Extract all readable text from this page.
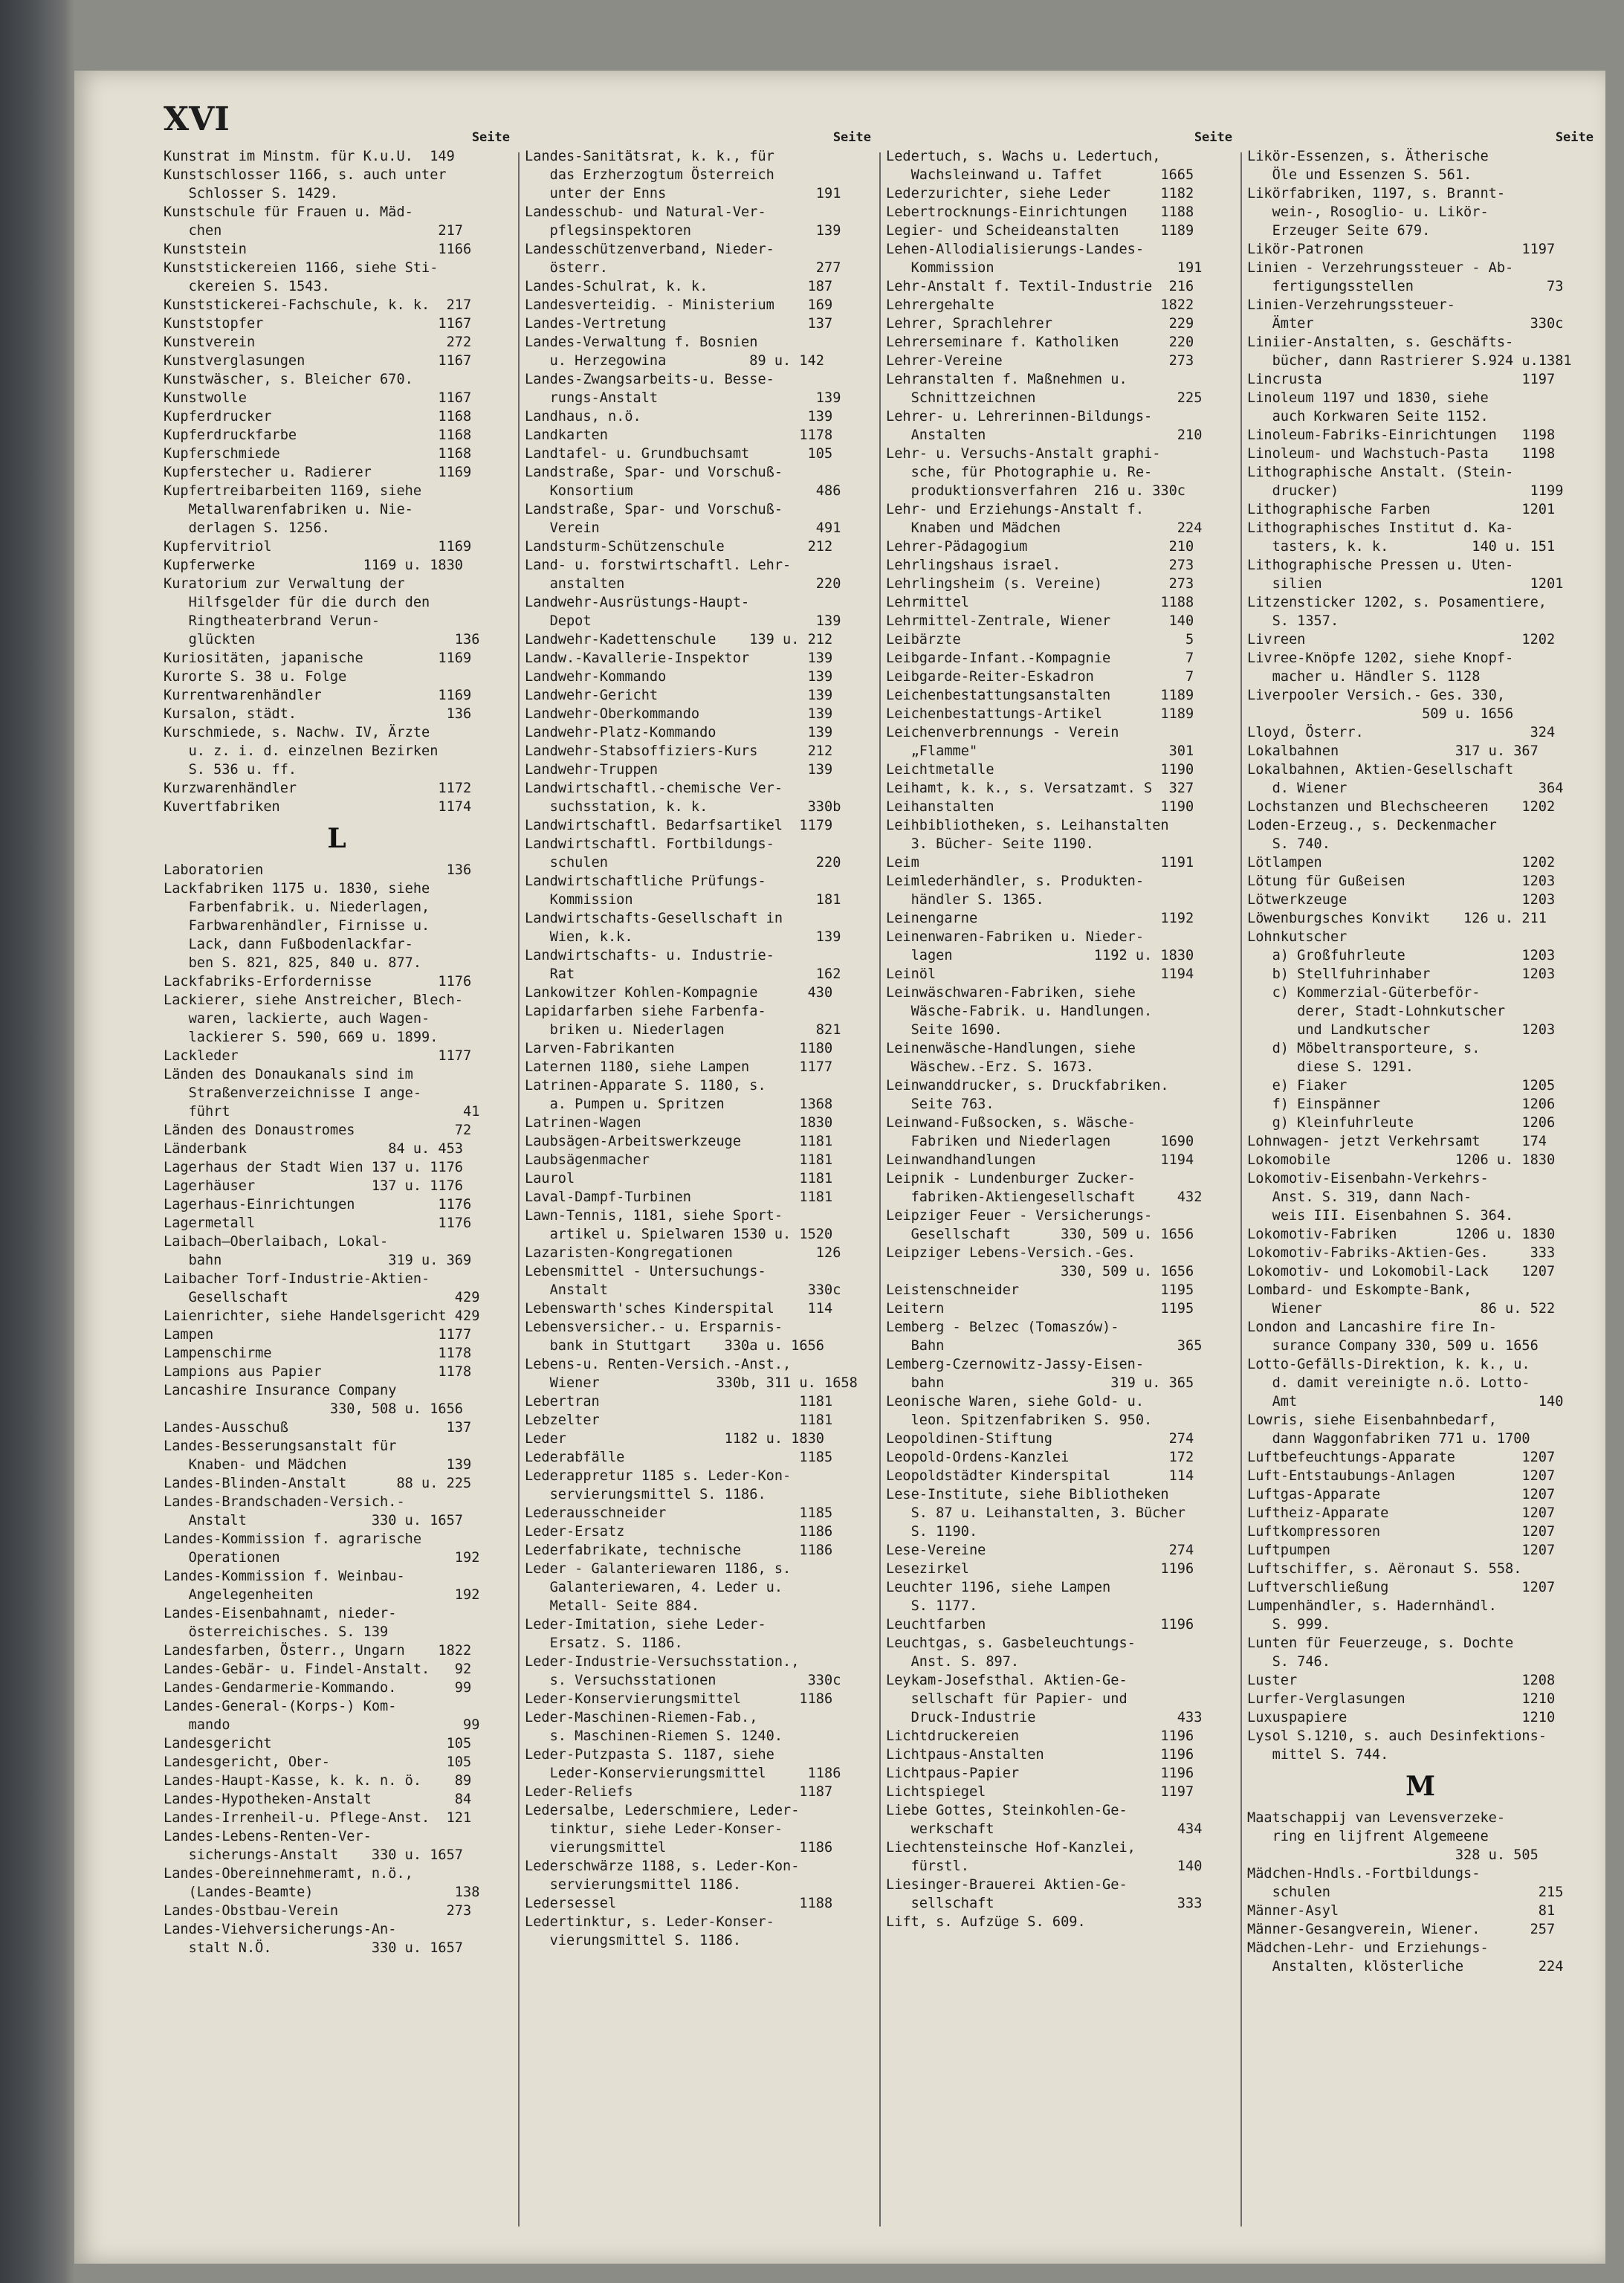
XVI	Seite
Kunstrat im Minstm. für K.u.U.  149
Kunstschlosser 1166, s. auch unter
Schlosser S. 1429.
Kunstschule für Frauen u. Mäd-
chen                          217
Kunststein                       1166
Kunststickereien 1166, siehe Sti-
ckereien S. 1543.
Kunststickerei-Fachschule, k. k.  217
Kunststopfer                     1167
Kunstverein                       272
Kunstverglasungen                1167
Kunstwäscher, s. Bleicher 670.
Kunstwolle                       1167
Kupferdrucker                    1168
Kupferdruckfarbe                 1168
Kupferschmiede                   1168
Kupferstecher u. Radierer        1169
Kupfertreibarbeiten 1169, siehe
Metallwarenfabriken u. Nie-
derlagen S. 1256.
Kupfervitriol                    1169
Kupferwerke             1169 u. 1830
Kuratorium zur Verwaltung der
Hilfsgelder für die durch den
Ringtheaterbrand Verun-
glückten                        136
Kuriositäten, japanische         1169
Kurorte S. 38 u. Folge
Kurrentwarenhändler              1169
Kursalon, städt.                  136
Kurschmiede, s. Nachw. IV, Ärzte
u. z. i. d. einzelnen Bezirken
S. 536 u. ff.
Kurzwarenhändler                 1172
Kuvertfabriken                   1174
L
Laboratorien                      136
Lackfabriken 1175 u. 1830, siehe
Farbenfabrik. u. Niederlagen,
Farbwarenhändler, Firnisse u.
Lack, dann Fußbodenlackfar-
ben S. 821, 825, 840 u. 877.
Lackfabriks-Erfordernisse        1176
Lackierer, siehe Anstreicher, Blech-
waren, lackierte, auch Wagen-
lackierer S. 590, 669 u. 1899.
Lackleder                        1177
Länden des Donaukanals sind im
Straßenverzeichnisse I ange-
führt                            41
Länden des Donaustromes            72
Länderbank                 84 u. 453
Lagerhaus der Stadt Wien 137 u. 1176
Lagerhäuser              137 u. 1176
Lagerhaus-Einrichtungen          1176
Lagermetall                      1176
Laibach–Oberlaibach, Lokal-
bahn                    319 u. 369
Laibacher Torf-Industrie-Aktien-
Gesellschaft                    429
Laienrichter, siehe Handelsgericht 429
Lampen                           1177
Lampenschirme                    1178
Lampions aus Papier              1178
Lancashire Insurance Company
330, 508 u. 1656
Landes-Ausschuß                   137
Landes-Besserungsanstalt für
Knaben- und Mädchen            139
Landes-Blinden-Anstalt      88 u. 225
Landes-Brandschaden-Versich.-
Anstalt               330 u. 1657
Landes-Kommission f. agrarische
Operationen                     192
Landes-Kommission f. Weinbau-
Angelegenheiten                 192
Landes-Eisenbahnamt, nieder-
österreichisches. S. 139
Landesfarben, Österr., Ungarn    1822
Landes-Gebär- u. Findel-Anstalt.   92
Landes-Gendarmerie-Kommando.       99
Landes-General-(Korps-) Kom-
mando                            99
Landesgericht                     105
Landesgericht, Ober-              105
Landes-Haupt-Kasse, k. k. n. ö.    89
Landes-Hypotheken-Anstalt          84
Landes-Irrenheil-u. Pflege-Anst.  121
Landes-Lebens-Renten-Ver-
sicherungs-Anstalt    330 u. 1657
Landes-Obereinnehmeramt, n.ö.,
(Landes-Beamte)                 138
Landes-Obstbau-Verein             273
Landes-Viehversicherungs-An-
stalt N.Ö.            330 u. 1657
Seite
Landes-Sanitätsrat, k. k., für
das Erzherzogtum Österreich
unter der Enns                  191
Landesschub- und Natural-Ver-
pflegsinspektoren               139
Landesschützenverband, Nieder-
österr.                         277
Landes-Schulrat, k. k.            187
Landesverteidig. - Ministerium    169
Landes-Vertretung                 137
Landes-Verwaltung f. Bosnien
u. Herzegowina          89 u. 142
Landes-Zwangsarbeits-u. Besse-
rungs-Anstalt                   139
Landhaus, n.ö.                    139
Landkarten                       1178
Landtafel- u. Grundbuchsamt       105
Landstraße, Spar- und Vorschuß-
Konsortium                      486
Landstraße, Spar- und Vorschuß-
Verein                          491
Landsturm-Schützenschule          212
Land- u. forstwirtschaftl. Lehr-
anstalten                       220
Landwehr-Ausrüstungs-Haupt-
Depot                           139
Landwehr-Kadettenschule    139 u. 212
Landw.-Kavallerie-Inspektor       139
Landwehr-Kommando                 139
Landwehr-Gericht                  139
Landwehr-Oberkommando             139
Landwehr-Platz-Kommando           139
Landwehr-Stabsoffiziers-Kurs      212
Landwehr-Truppen                  139
Landwirtschaftl.-chemische Ver-
suchsstation, k. k.            330b
Landwirtschaftl. Bedarfsartikel  1179
Landwirtschaftl. Fortbildungs-
schulen                         220
Landwirtschaftliche Prüfungs-
Kommission                      181
Landwirtschafts-Gesellschaft in
Wien, k.k.                      139
Landwirtschafts- u. Industrie-
Rat                             162
Lankowitzer Kohlen-Kompagnie      430
Lapidarfarben siehe Farbenfa-
briken u. Niederlagen           821
Larven-Fabrikanten               1180
Laternen 1180, siehe Lampen      1177
Latrinen-Apparate S. 1180, s.
a. Pumpen u. Spritzen         1368
Latrinen-Wagen                   1830
Laubsägen-Arbeitswerkzeuge       1181
Laubsägenmacher                  1181
Laurol                           1181
Laval-Dampf-Turbinen             1181
Lawn-Tennis, 1181, siehe Sport-
artikel u. Spielwaren 1530 u. 1520
Lazaristen-Kongregationen          126
Lebensmittel - Untersuchungs-
Anstalt                        330c
Lebenswarth'sches Kinderspital    114
Lebensversicher.- u. Ersparnis-
bank in Stuttgart    330a u. 1656
Lebens-u. Renten-Versich.-Anst.,
Wiener              330b, 311 u. 1658
Lebertran                        1181
Lebzelter                        1181
Leder                   1182 u. 1830
Lederabfälle                     1185
Lederappretur 1185 s. Leder-Kon-
servierungsmittel S. 1186.
Lederausschneider                1185
Leder-Ersatz                     1186
Lederfabrikate, technische       1186
Leder - Galanteriewaren 1186, s.
Galanteriewaren, 4. Leder u.
Metall- Seite 884.
Leder-Imitation, siehe Leder-
Ersatz. S. 1186.
Leder-Industrie-Versuchsstation.,
s. Versuchsstationen           330c
Leder-Konservierungsmittel       1186
Leder-Maschinen-Riemen-Fab.,
s. Maschinen-Riemen S. 1240.
Leder-Putzpasta S. 1187, siehe
Leder-Konservierungsmittel     1186
Leder-Reliefs                    1187
Ledersalbe, Lederschmiere, Leder-
tinktur, siehe Leder-Konser-
vierungsmittel                1186
Lederschwärze 1188, s. Leder-Kon-
servierungsmittel 1186.
Ledersessel                      1188
Ledertinktur, s. Leder-Konser-
vierungsmittel S. 1186.
Seite
Ledertuch, s. Wachs u. Ledertuch,
Wachsleinwand u. Taffet       1665
Lederzurichter, siehe Leder      1182
Lebertrocknungs-Einrichtungen    1188
Legier- und Scheideanstalten     1189
Lehen-Allodialisierungs-Landes-
Kommission                      191
Lehr-Anstalt f. Textil-Industrie  216
Lehrergehalte                    1822
Lehrer, Sprachlehrer              229
Lehrerseminare f. Katholiken      220
Lehrer-Vereine                    273
Lehranstalten f. Maßnehmen u.
Schnittzeichnen                 225
Lehrer- u. Lehrerinnen-Bildungs-
Anstalten                       210
Lehr- u. Versuchs-Anstalt graphi-
sche, für Photographie u. Re-
produktionsverfahren  216 u. 330c
Lehr- und Erziehungs-Anstalt f.
Knaben und Mädchen              224
Lehrer-Pädagogium                 210
Lehrlingshaus israel.             273
Lehrlingsheim (s. Vereine)        273
Lehrmittel                       1188
Lehrmittel-Zentrale, Wiener       140
Leibärzte                           5
Leibgarde-Infant.-Kompagnie         7
Leibgarde-Reiter-Eskadron           7
Leichenbestattungsanstalten      1189
Leichenbestattungs-Artikel       1189
Leichenverbrennungs - Verein
„Flamme"                       301
Leichtmetalle                    1190
Leihamt, k. k., s. Versatzamt. S  327
Leihanstalten                    1190
Leihbibliotheken, s. Leihanstalten
3. Bücher- Seite 1190.
Leim                             1191
Leimlederhändler, s. Produkten-
händler S. 1365.
Leinengarne                      1192
Leinenwaren-Fabriken u. Nieder-
lagen                 1192 u. 1830
Leinöl                           1194
Leinwäschwaren-Fabriken, siehe
Wäsche-Fabrik. u. Handlungen.
Seite 1690.
Leinenwäsche-Handlungen, siehe
Wäschew.-Erz. S. 1673.
Leinwanddrucker, s. Druckfabriken.
Seite 763.
Leinwand-Fußsocken, s. Wäsche-
Fabriken und Niederlagen      1690
Leinwandhandlungen               1194
Leipnik - Lundenburger Zucker-
fabriken-Aktiengesellschaft     432
Leipziger Feuer - Versicherungs-
Gesellschaft      330, 509 u. 1656
Leipziger Lebens-Versich.-Ges.
330, 509 u. 1656
Leistenschneider                 1195
Leitern                          1195
Lemberg - Belzec (Tomaszów)-
Bahn                            365
Lemberg-Czernowitz-Jassy-Eisen-
bahn                    319 u. 365
Leonische Waren, siehe Gold- u.
leon. Spitzenfabriken S. 950.
Leopoldinen-Stiftung              274
Leopold-Ordens-Kanzlei            172
Leopoldstädter Kinderspital       114
Lese-Institute, siehe Bibliotheken
S. 87 u. Leihanstalten, 3. Bücher
S. 1190.
Lese-Vereine                      274
Lesezirkel                       1196
Leuchter 1196, siehe Lampen
S. 1177.
Leuchtfarben                     1196
Leuchtgas, s. Gasbeleuchtungs-
Anst. S. 897.
Leykam-Josefsthal. Aktien-Ge-
sellschaft für Papier- und
Druck-Industrie                 433
Lichtdruckereien                 1196
Lichtpaus-Anstalten              1196
Lichtpaus-Papier                 1196
Lichtspiegel                     1197
Liebe Gottes, Steinkohlen-Ge-
werkschaft                      434
Liechtensteinsche Hof-Kanzlei,
fürstl.                         140
Liesinger-Brauerei Aktien-Ge-
sellschaft                      333
Lift, s. Aufzüge S. 609.
Seite
Likör-Essenzen, s. Ätherische
Öle und Essenzen S. 561.
Likörfabriken, 1197, s. Brannt-
wein-, Rosoglio- u. Likör-
Erzeuger Seite 679.
Likör-Patronen                   1197
Linien - Verzehrungssteuer - Ab-
fertigungsstellen                73
Linien-Verzehrungssteuer-
Ämter                          330c
Liniier-Anstalten, s. Geschäfts-
bücher, dann Rastrierer S.924 u.1381
Lincrusta                        1197
Linoleum 1197 und 1830, siehe
auch Korkwaren Seite 1152.
Linoleum-Fabriks-Einrichtungen   1198
Linoleum- und Wachstuch-Pasta    1198
Lithographische Anstalt. (Stein-
drucker)                       1199
Lithographische Farben           1201
Lithographisches Institut d. Ka-
tasters, k. k.          140 u. 151
Lithographische Pressen u. Uten-
silien                         1201
Litzensticker 1202, s. Posamentiere,
S. 1357.
Livreen                          1202
Livree-Knöpfe 1202, siehe Knopf-
macher u. Händler S. 1128
Liverpooler Versich.- Ges. 330,
509 u. 1656
Lloyd, Österr.                    324
Lokalbahnen              317 u. 367
Lokalbahnen, Aktien-Gesellschaft
d. Wiener                       364
Lochstanzen und Blechscheeren    1202
Loden-Erzeug., s. Deckenmacher
S. 740.
Lötlampen                        1202
Lötung für Gußeisen              1203
Lötwerkzeuge                     1203
Löwenburgsches Konvikt    126 u. 211
Lohnkutscher
a) Großfuhrleute              1203
b) Stellfuhrinhaber           1203
c) Kommerzial-Güterbeför-
derer, Stadt-Lohnkutscher
und Landkutscher           1203
d) Möbeltransporteure, s.
diese S. 1291.
e) Fiaker                     1205
f) Einspänner                 1206
g) Kleinfuhrleute             1206
Lohnwagen- jetzt Verkehrsamt     174
Lokomobile               1206 u. 1830
Lokomotiv-Eisenbahn-Verkehrs-
Anst. S. 319, dann Nach-
weis III. Eisenbahnen S. 364.
Lokomotiv-Fabriken       1206 u. 1830
Lokomotiv-Fabriks-Aktien-Ges.     333
Lokomotiv- und Lokomobil-Lack    1207
Lombard- und Eskompte-Bank,
Wiener                   86 u. 522
London and Lancashire fire In-
surance Company 330, 509 u. 1656
Lotto-Gefälls-Direktion, k. k., u.
d. damit vereinigte n.ö. Lotto-
Amt                             140
Lowris, siehe Eisenbahnbedarf,
dann Waggonfabriken 771 u. 1700
Luftbefeuchtungs-Apparate        1207
Luft-Entstaubungs-Anlagen        1207
Luftgas-Apparate                 1207
Luftheiz-Apparate                1207
Luftkompressoren                 1207
Luftpumpen                       1207
Luftschiffer, s. Aëronaut S. 558.
Luftverschließung                1207
Lumpenhändler, s. Hadernhändl.
S. 999.
Lunten für Feuerzeuge, s. Dochte
S. 746.
Luster                           1208
Lurfer-Verglasungen              1210
Luxuspapiere                     1210
Lysol S.1210, s. auch Desinfektions-
mittel S. 744.
M
Maatschappij van Levensverzeke-
ring en lijfrent Algemeene
328 u. 505
Mädchen-Hndls.-Fortbildungs-
schulen                         215
Männer-Asyl                        81
Männer-Gesangverein, Wiener.      257
Mädchen-Lehr- und Erziehungs-
Anstalten, klösterliche         224
